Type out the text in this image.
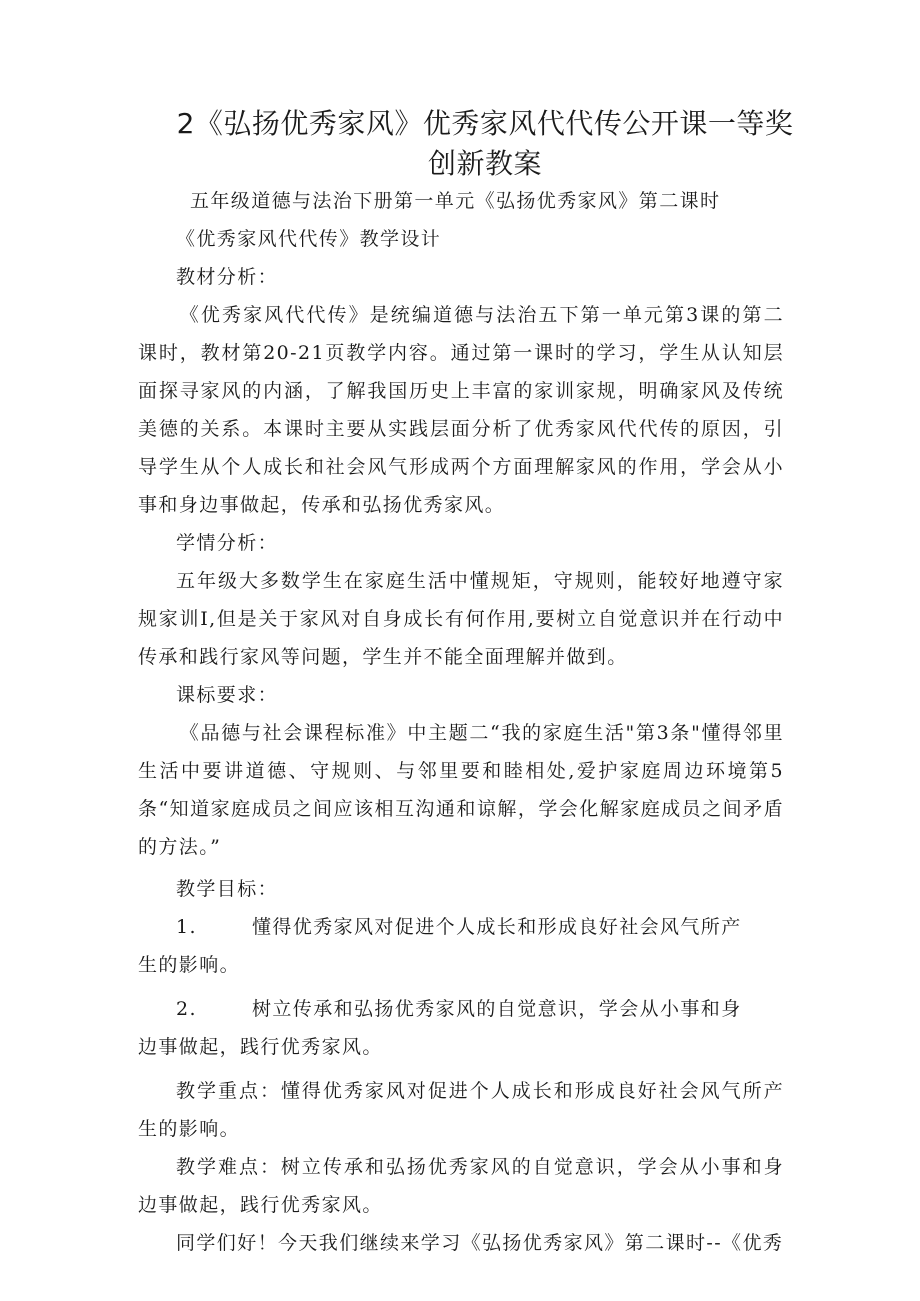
2《弘扬优秀家风》优秀家风代代传公开课一等奖创新教案
五年级道德与法治下册第一单元《弘扬优秀家风》第二课时
《优秀家风代代传》教学设计
教材分析：
《优秀家风代代传》是统编道德与法治五下第一单元第3课的第二课时，教材第20-21页教学内容。通过第一课时的学习，学生从认知层面探寻家风的内涵，了解我国历史上丰富的家训家规，明确家风及传统美德的关系。本课时主要从实践层面分析了优秀家风代代传的原因，引导学生从个人成长和社会风气形成两个方面理解家风的作用，学会从小事和身边事做起，传承和弘扬优秀家风。
学情分析：
五年级大多数学生在家庭生活中懂规矩，守规则，能较好地遵守家规家训I,但是关于家风对自身成长有何作用,要树立自觉意识并在行动中传承和践行家风等问题，学生并不能全面理解并做到。
课标要求：
《品德与社会课程标准》中主题二“我的家庭生活"第3条"懂得邻里生活中要讲道德、守规则、与邻里要和睦相处,爱护家庭周边环境第5条“知道家庭成员之间应该相互沟通和谅解，学会化解家庭成员之间矛盾的方法。”
教学目标：
1.	懂得优秀家风对促进个人成长和形成良好社会风气所产
生的影响。
2.	树立传承和弘扬优秀家风的自觉意识，学会从小事和身
边事做起，践行优秀家风。
教学重点：懂得优秀家风对促进个人成长和形成良好社会风气所产生的影响。
教学难点：树立传承和弘扬优秀家风的自觉意识，学会从小事和身边事做起，践行优秀家风。
同学们好！今天我们继续来学习《弘扬优秀家风》第二课时--《优秀
